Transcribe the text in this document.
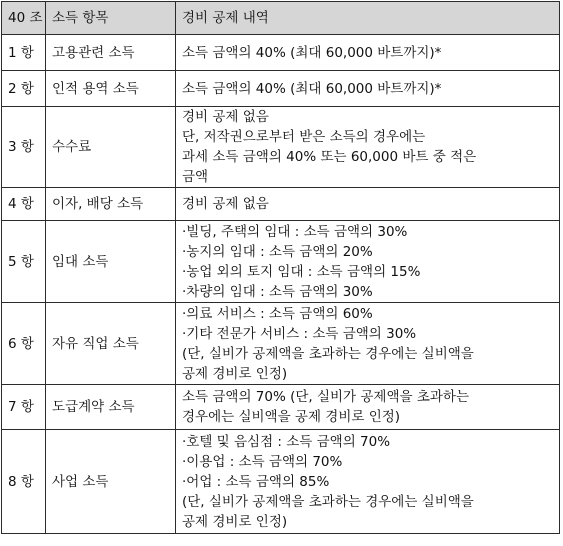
40 조	소득 항목	경비 공제 내역
1 항	고용관련 소득	소득 금액의 40% (최대 60,000 바트까지)*

2 항	인적 용역 소득	소득 금액의 40% (최대 60,000 바트까지)*

3 항	수수료	경비 공제 없음
단, 저작권으로부터 받은 소득의 경우에는
과세 소득 금액의 40% 또는 60,000 바트 중 적은
금액

4 항	이자, 배당 소득	경비 공제 없음

5 항	임대 소득	·빌딩, 주택의 임대 : 소득 금액의 30%
·농지의 임대 : 소득 금액의 20%
·농업 외의 토지 임대 : 소득 금액의 15%
·차량의 임대 : 소득 금액의 30%

6 항	자유 직업 소득	·의료 서비스 : 소득 금액의 60%
·기타 전문가 서비스 : 소득 금액의 30%
(단, 실비가 공제액을 초과하는 경우에는 실비액을
공제 경비로 인정)

7 항	도급계약 소득	소득 금액의 70% (단, 실비가 공제액을 초과하는
경우에는 실비액을 공제 경비로 인정)

8 항	사업 소득	·호텔 및 음심점 : 소득 금액의 70%
·이용업 : 소득 금액의 70%
·어업 : 소득 금액의 85%
(단, 실비가 공제액을 초과하는 경우에는 실비액을
공제 경비로 인정)
